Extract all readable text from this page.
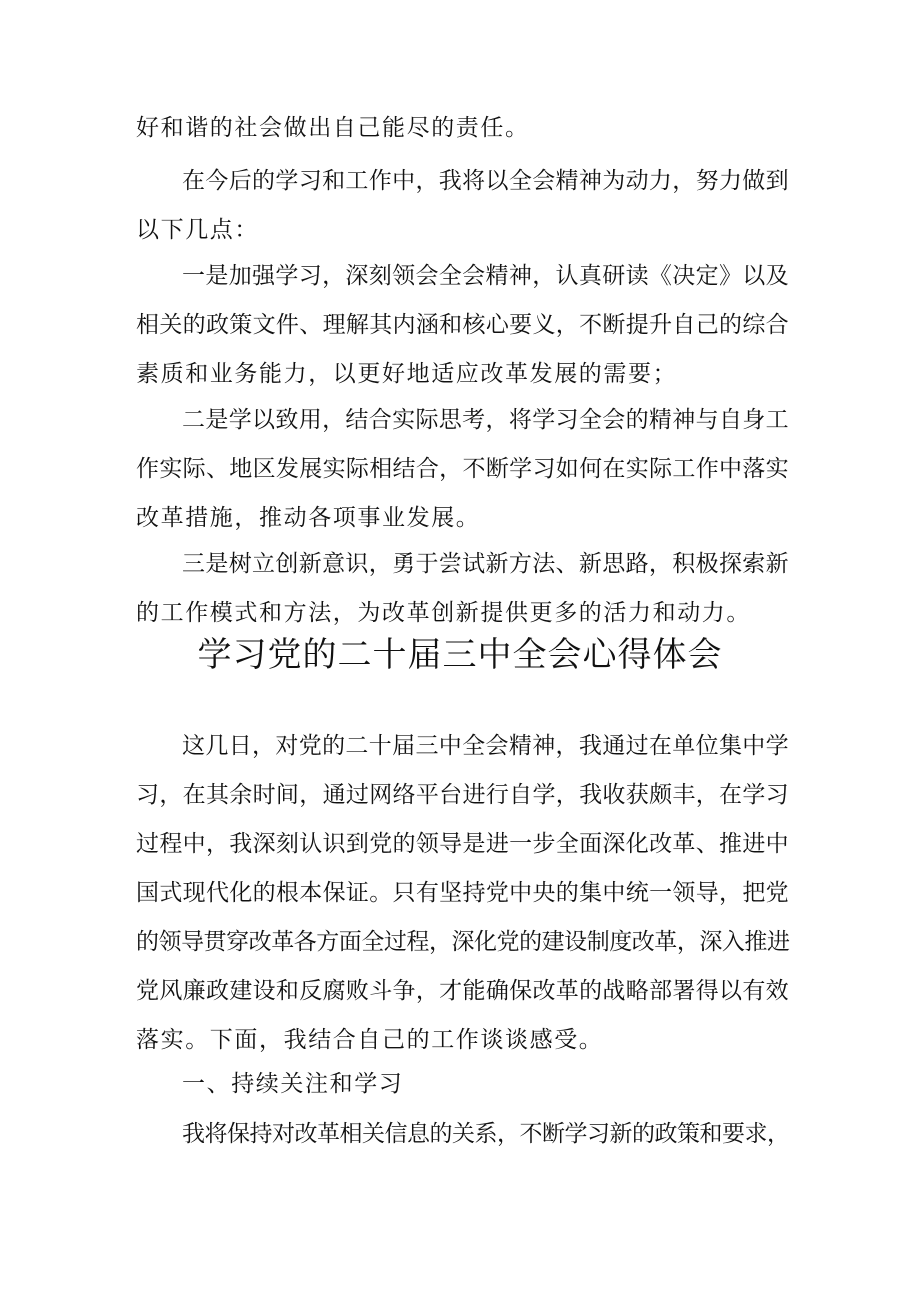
好和谐的社会做出自己能尽的责任。

在今后的学习和工作中，我将以全会精神为动力，努力做到
以下几点：

一是加强学习，深刻领会全会精神，认真研读《决定》以及
相关的政策文件、理解其内涵和核心要义，不断提升自己的综合
素质和业务能力，以更好地适应改革发展的需要；

二是学以致用，结合实际思考，将学习全会的精神与自身工
作实际、地区发展实际相结合，不断学习如何在实际工作中落实
改革措施，推动各项事业发展。

三是树立创新意识，勇于尝试新方法、新思路，积极探索新
的工作模式和方法，为改革创新提供更多的活力和动力。

学习党的二十届三中全会心得体会

这几日，对党的二十届三中全会精神，我通过在单位集中学
习，在其余时间，通过网络平台进行自学，我收获颇丰，在学习
过程中，我深刻认识到党的领导是进一步全面深化改革、推进中
国式现代化的根本保证。只有坚持党中央的集中统一领导，把党
的领导贯穿改革各方面全过程，深化党的建设制度改革，深入推进
党风廉政建设和反腐败斗争，才能确保改革的战略部署得以有效
落实。下面，我结合自己的工作谈谈感受。

一、持续关注和学习

我将保持对改革相关信息的关系，不断学习新的政策和要求，
